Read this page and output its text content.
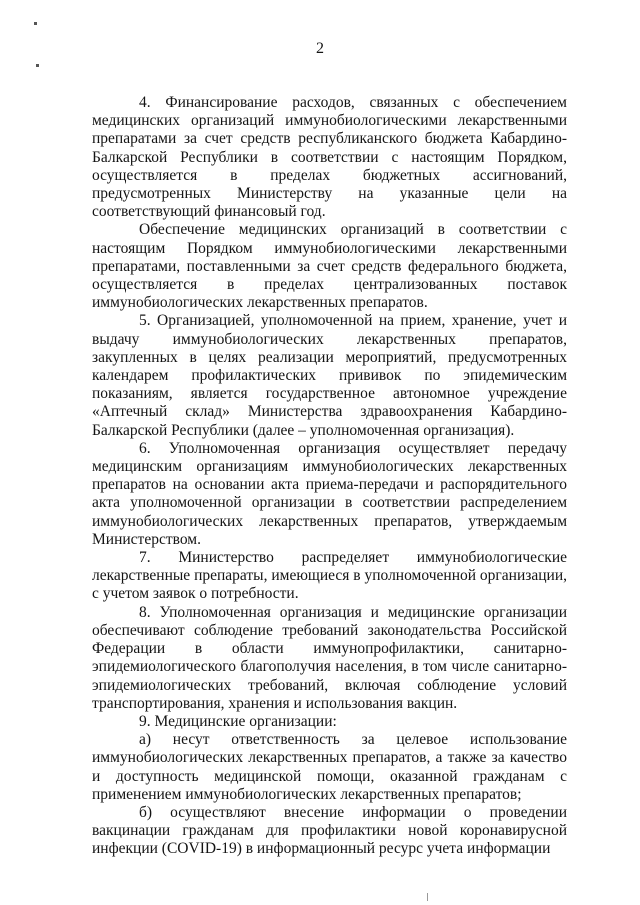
2

4. Финансирование расходов, связанных с обеспечением медицинских организаций иммунобиологическими лекарственными препаратами за счет средств республиканского бюджета Кабардино-Балкарской Республики в соответствии с настоящим Порядком, осуществляется в пределах бюджетных ассигнований, предусмотренных Министерству на указанные цели на соответствующий финансовый год.

Обеспечение медицинских организаций в соответствии с настоящим Порядком иммунобиологическими лекарственными препаратами, поставленными за счет средств федерального бюджета, осуществляется в пределах централизованных поставок иммунобиологических лекарственных препаратов.

5. Организацией, уполномоченной на прием, хранение, учет и выдачу иммунобиологических лекарственных препаратов, закупленных в целях реализации мероприятий, предусмотренных календарем профилактических прививок по эпидемическим показаниям, является государственное автономное учреждение «Аптечный склад» Министерства здравоохранения Кабардино-Балкарской Республики (далее – уполномоченная организация).

6. Уполномоченная организация осуществляет передачу медицинским организациям иммунобиологических лекарственных препаратов на основании акта приема-передачи и распорядительного акта уполномоченной организации в соответствии распределением иммунобиологических лекарственных препаратов, утверждаемым Министерством.

7. Министерство распределяет иммунобиологические лекарственные препараты, имеющиеся в уполномоченной организации, с учетом заявок о потребности.

8. Уполномоченная организация и медицинские организации обеспечивают соблюдение требований законодательства Российской Федерации в области иммунопрофилактики, санитарно-эпидемиологического благополучия населения, в том числе санитарно-эпидемиологических требований, включая соблюдение условий транспортирования, хранения и использования вакцин.

9. Медицинские организации:

а) несут ответственность за целевое использование иммунобиологических лекарственных препаратов, а также за качество и доступность медицинской помощи, оказанной гражданам с применением иммунобиологических лекарственных препаратов;

б) осуществляют внесение информации о проведении вакцинации гражданам для профилактики новой коронавирусной инфекции (COVID-19) в информационный ресурс учета информации
